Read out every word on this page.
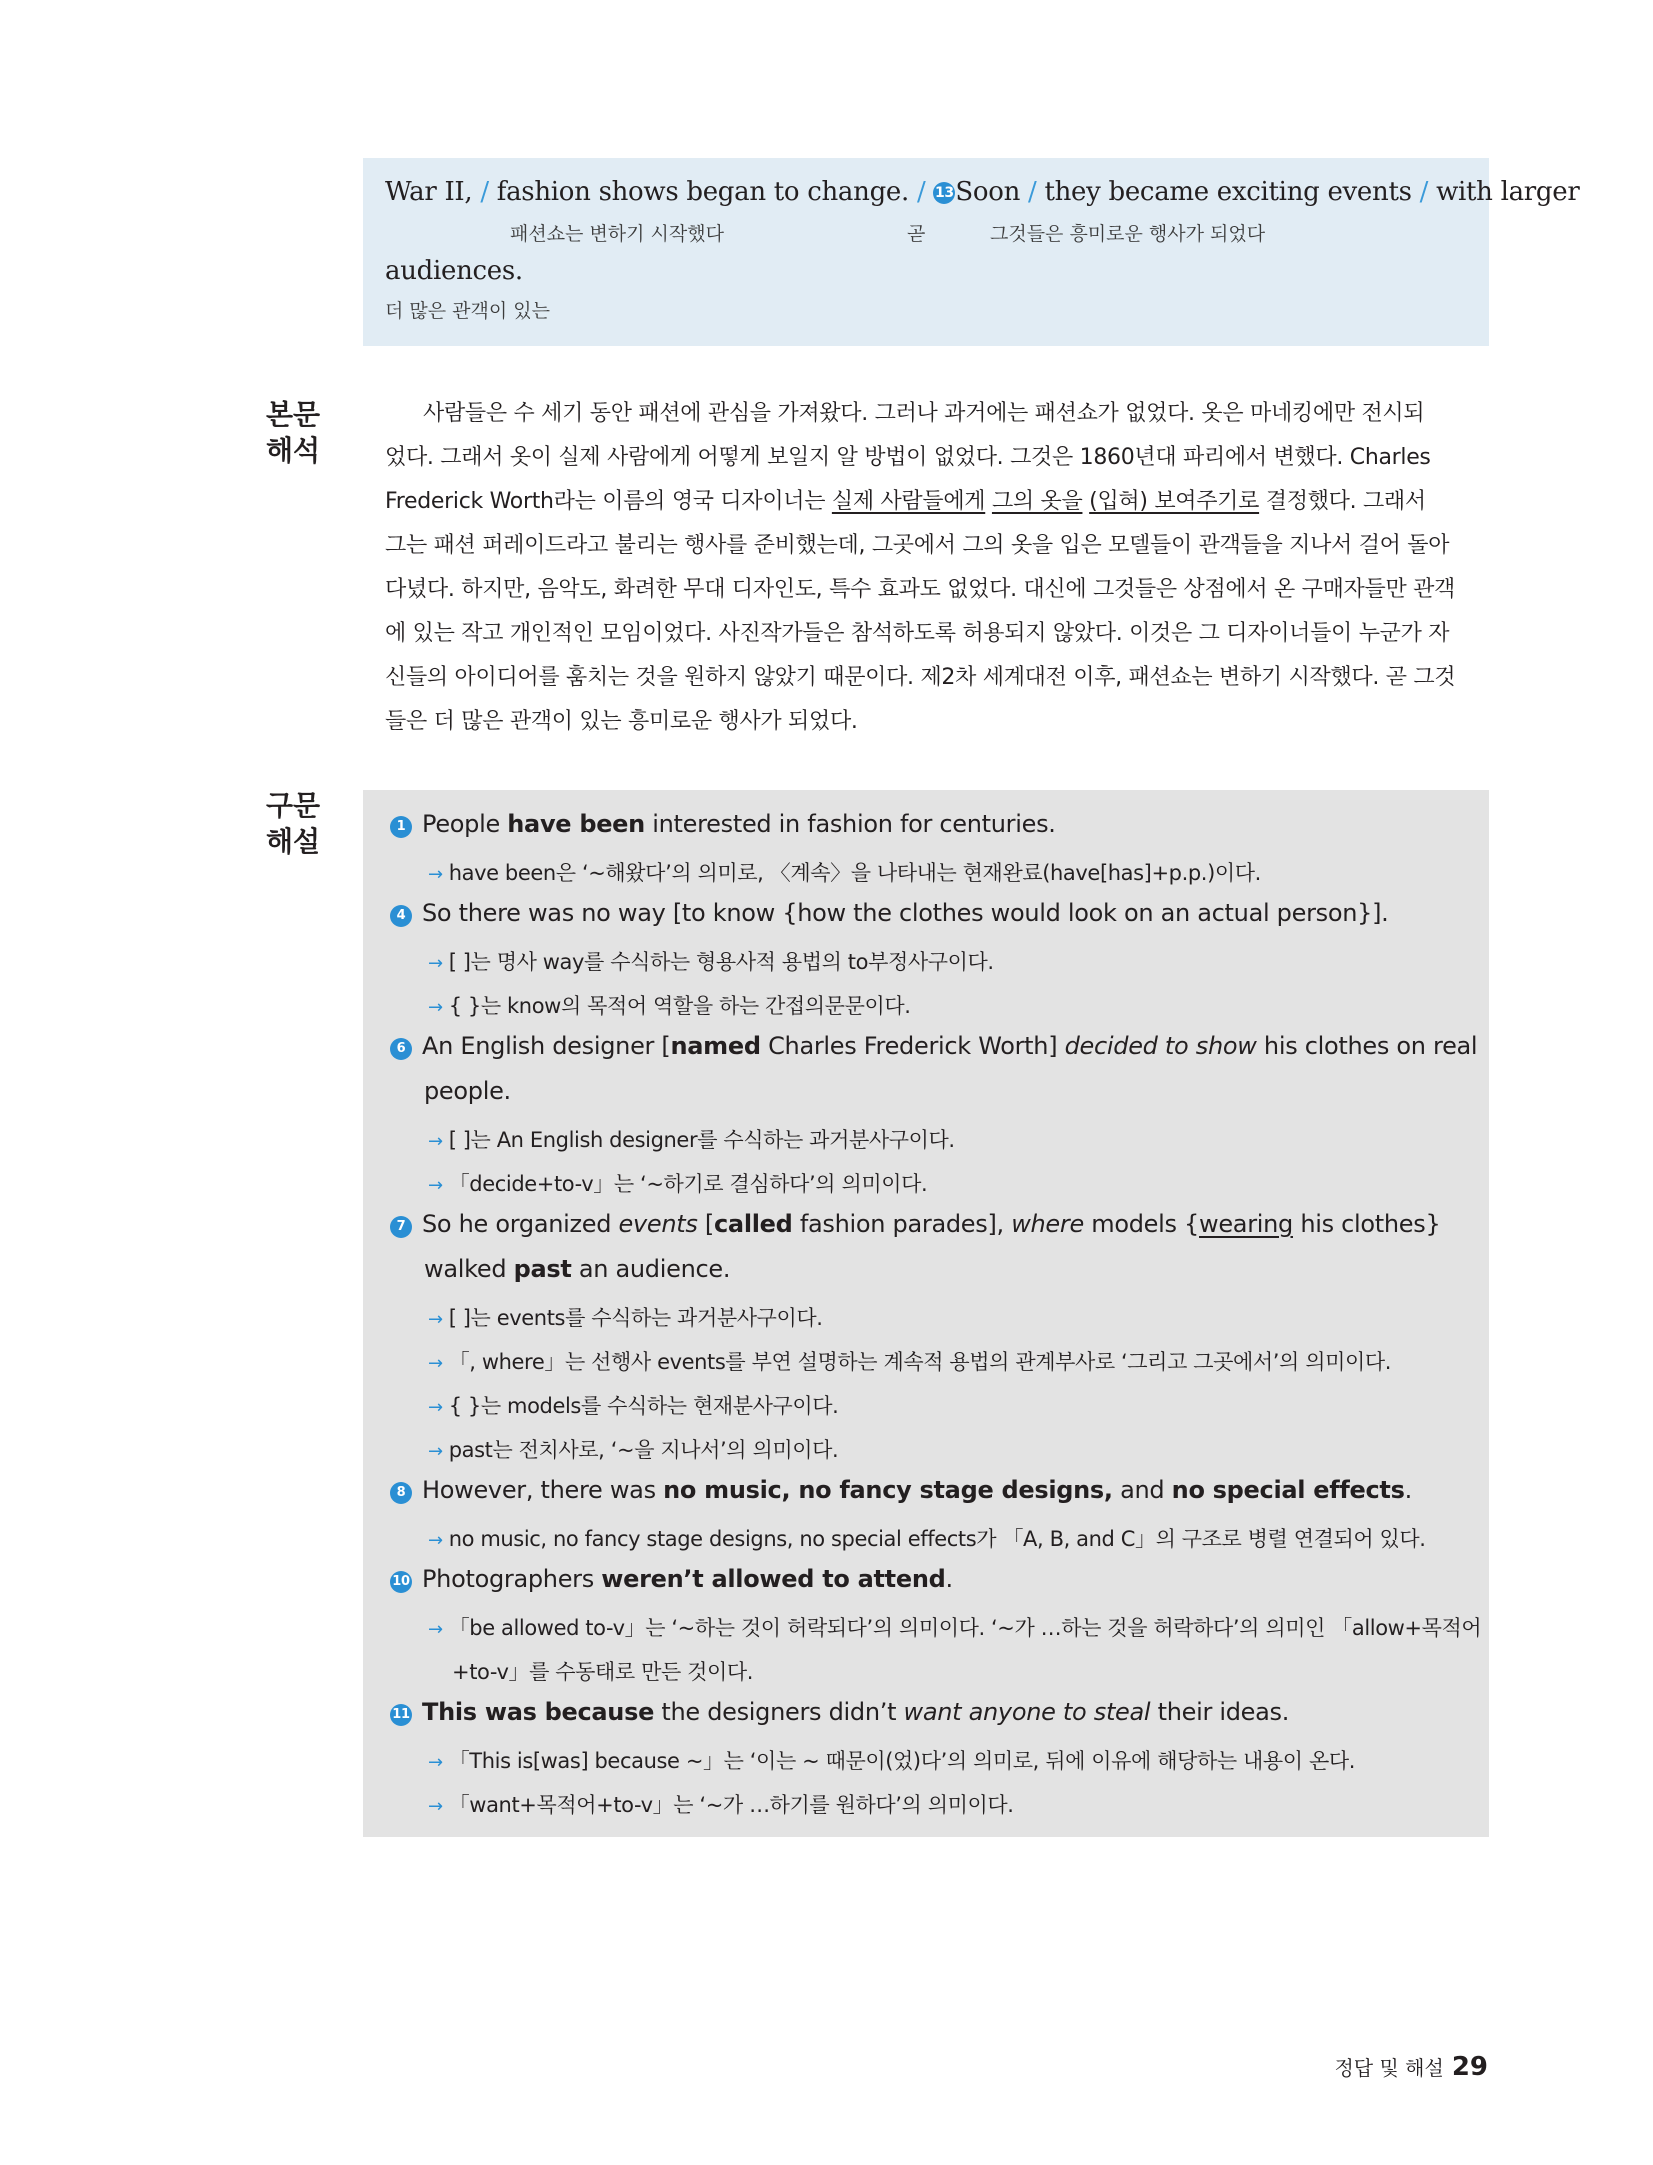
War II, / fashion shows began to change. / 13Soon / they became exciting events / with larger
패션쇼는 변하기 시작했다	곧	그것들은 흥미로운 행사가 되었다
audiences.
더 많은 관객이 있는
본문
해석
사람들은 수 세기 동안 패션에 관심을 가져왔다. 그러나 과거에는 패션쇼가 없었다. 옷은 마네킹에만 전시되
었다. 그래서 옷이 실제 사람에게 어떻게 보일지 알 방법이 없었다. 그것은 1860년대 파리에서 변했다. Charles
Frederick Worth라는 이름의 영국 디자이너는 실제 사람들에게 그의 옷을 (입혀) 보여주기로 결정했다. 그래서
그는 패션 퍼레이드라고 불리는 행사를 준비했는데, 그곳에서 그의 옷을 입은 모델들이 관객들을 지나서 걸어 돌아
다녔다. 하지만, 음악도, 화려한 무대 디자인도, 특수 효과도 없었다. 대신에 그것들은 상점에서 온 구매자들만 관객
에 있는 작고 개인적인 모임이었다. 사진작가들은 참석하도록 허용되지 않았다. 이것은 그 디자이너들이 누군가 자
신들의 아이디어를 훔치는 것을 원하지 않았기 때문이다. 제2차 세계대전 이후, 패션쇼는 변하기 시작했다. 곧 그것
들은 더 많은 관객이 있는 흥미로운 행사가 되었다.
구문
해설	1 People have been interested in fashion for centuries.
→ have been은 ‘~해왔다’의 의미로, 〈계속〉을 나타내는 현재완료(have[has]+p.p.)이다.
4 So there was no way [to know {how the clothes would look on an actual person}].
→ [ ]는 명사 way를 수식하는 형용사적 용법의 to부정사구이다.
→ { }는 know의 목적어 역할을 하는 간접의문문이다.
6 An English designer [named Charles Frederick Worth] decided to show his clothes on real
people.
→ [ ]는 An English designer를 수식하는 과거분사구이다.
→ 「decide+to-v」는 ‘~하기로 결심하다’의 의미이다.
7 So he organized events [called fashion parades], where models {wearing his clothes}
walked past an audience.
→ [ ]는 events를 수식하는 과거분사구이다.
→ 「, where」는 선행사 events를 부연 설명하는 계속적 용법의 관계부사로 ‘그리고 그곳에서’의 의미이다.
→ { }는 models를 수식하는 현재분사구이다.
→ past는 전치사로, ‘~을 지나서’의 의미이다.
8 However, there was no music, no fancy stage designs, and no special effects.
→ no music, no fancy stage designs, no special effects가 「A, B, and C」의 구조로 병렬 연결되어 있다.
10 Photographers weren’t allowed to attend.
→ 「be allowed to-v」는 ‘~하는 것이 허락되다’의 의미이다. ‘~가 …하는 것을 허락하다’의 의미인 「allow+목적어
+to-v」를 수동태로 만든 것이다.
11 This was because the designers didn’t want anyone to steal their ideas.
→ 「This is[was] because ~」는 ‘이는 ~ 때문이(었)다’의 의미로, 뒤에 이유에 해당하는 내용이 온다.
→ 「want+목적어+to-v」는 ‘~가 …하기를 원하다’의 의미이다.
정답 및 해설 29
